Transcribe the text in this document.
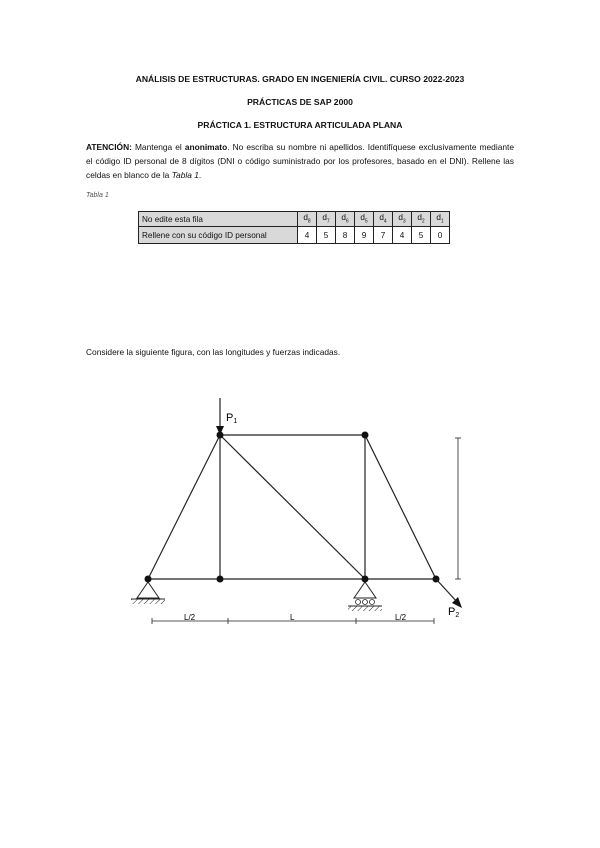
ANÁLISIS DE ESTRUCTURAS. GRADO EN INGENIERÍA CIVIL. CURSO 2022-2023
PRÁCTICAS DE SAP 2000
PRÁCTICA 1. ESTRUCTURA ARTICULADA PLANA
ATENCIÓN: Mantenga el anonimato. No escriba su nombre ni apellidos. Identifíquese exclusivamente mediante el código ID personal de 8 dígitos (DNI o código suministrado por los profesores, basado en el DNI). Rellene las celdas en blanco de la Tabla 1.
Tabla 1
No edite esta fila	$d_8$	$d_7$	$d_6$	$d_5$	$d_4$	$d_3$	$d_2$	$d_1$
Rellene con su código ID personal	4	5	8	9	7	4	5	0
Considere la siguiente figura, con las longitudes y fuerzas indicadas.
P1
P2
L/2	L	L/2
